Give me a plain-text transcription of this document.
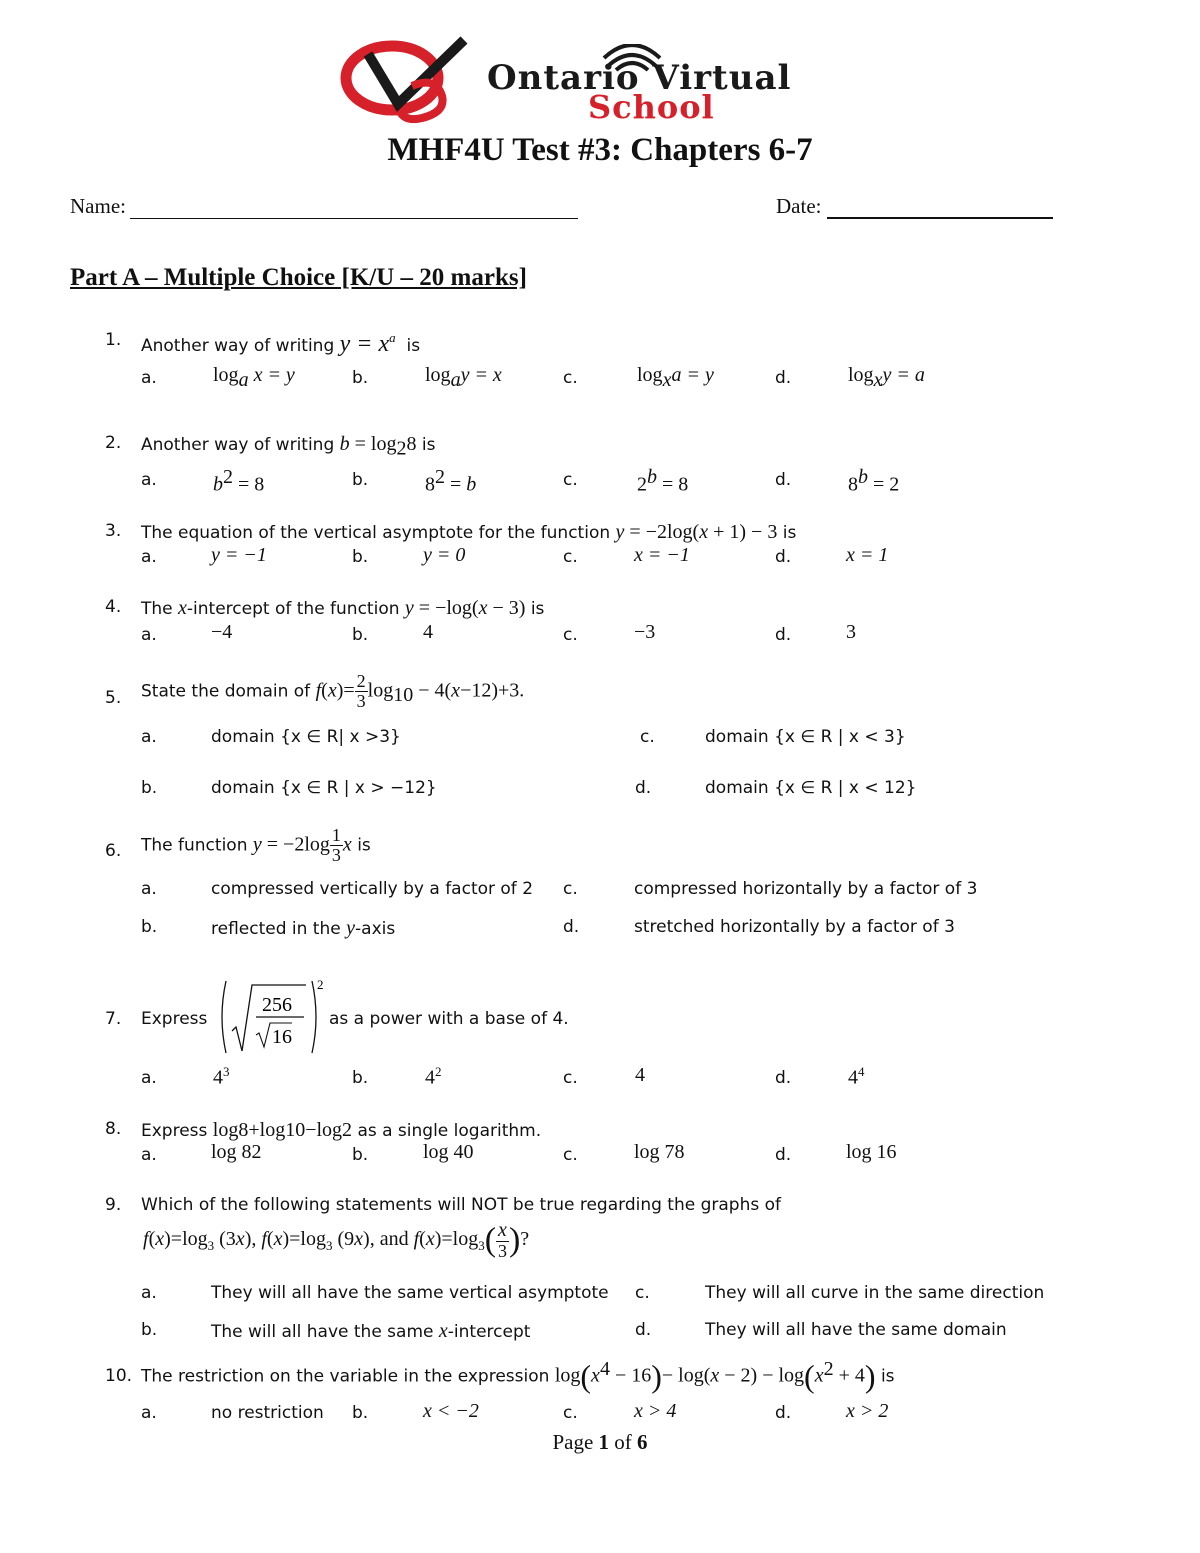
Ontario Virtual
School
MHF4U Test #3: Chapters 6-7
Name:	Date:
Part A – Multiple Choice [K/U – 20 marks]
1. Another way of writing $y = x^a$ is
a.	$\log_a x = y$	b.	$\log_ay = x$	c.	$\log_xa = y$	d.	$\log_xy = a$
2. Another way of writing $b = \log_28$ is
a.	$b^2 = 8$	b.	$8^2 = b$	c.	$2^b = 8$	d.	$8^b = 2$
3. The equation of the vertical asymptote for the function y = −2log(x + 1) − 3 is
a.	y = −1	b.	y = 0	c.	x = −1	d.	x = 1
4. The x-intercept of the function y = −log(x − 3) is
a.	−4	b.	4	c.	−3	d.	3
5. State the domain of $f(x)= \frac{2}{3} \log_{10} - 4(x-12)+3$.
a.	domain {x ∈ R| x >3}	c.	domain {x ∈ R | x < 3}
b.	domain {x ∈ R | x > −12}	d.	domain {x ∈ R | x < 12}
6. The function $y = -2\log \frac{1}{3}$ x is
a.	compressed vertically by a factor of 2 c.	compressed horizontally by a factor of 3
b.	reflected in the y-axis	d.	stretched horizontally by a factor of 3
7. Express
256
16
2
as a power with a base of 4.
a.	$4^3$	b.	$4^2$	c.	4	d.	$4^4$
8. Express log8+log10−log2 as a single logarithm.
a.	log 82	b.	log 40	c.	log 78	d.	log 16
9. Which of the following statements will NOT be true regarding the graphs of
$f(x)=\log_3$ (3x), $f(x)=\log_3$ (9x), and $f(x)=\log_3( \frac{x}{3}$ )?
a.	They will all have the same vertical asymptote c.	They will all curve in the same direction
b.	The will all have the same x-intercept	d.	They will all have the same domain
10. The restriction on the variable in the expression $\log(x^4 - 16)- \log(x - 2) - \log(x^2 + 4)$ is
a.	no restriction b.	x < −2	c.	x > 4	d.	x > 2
Page 1 of 6
